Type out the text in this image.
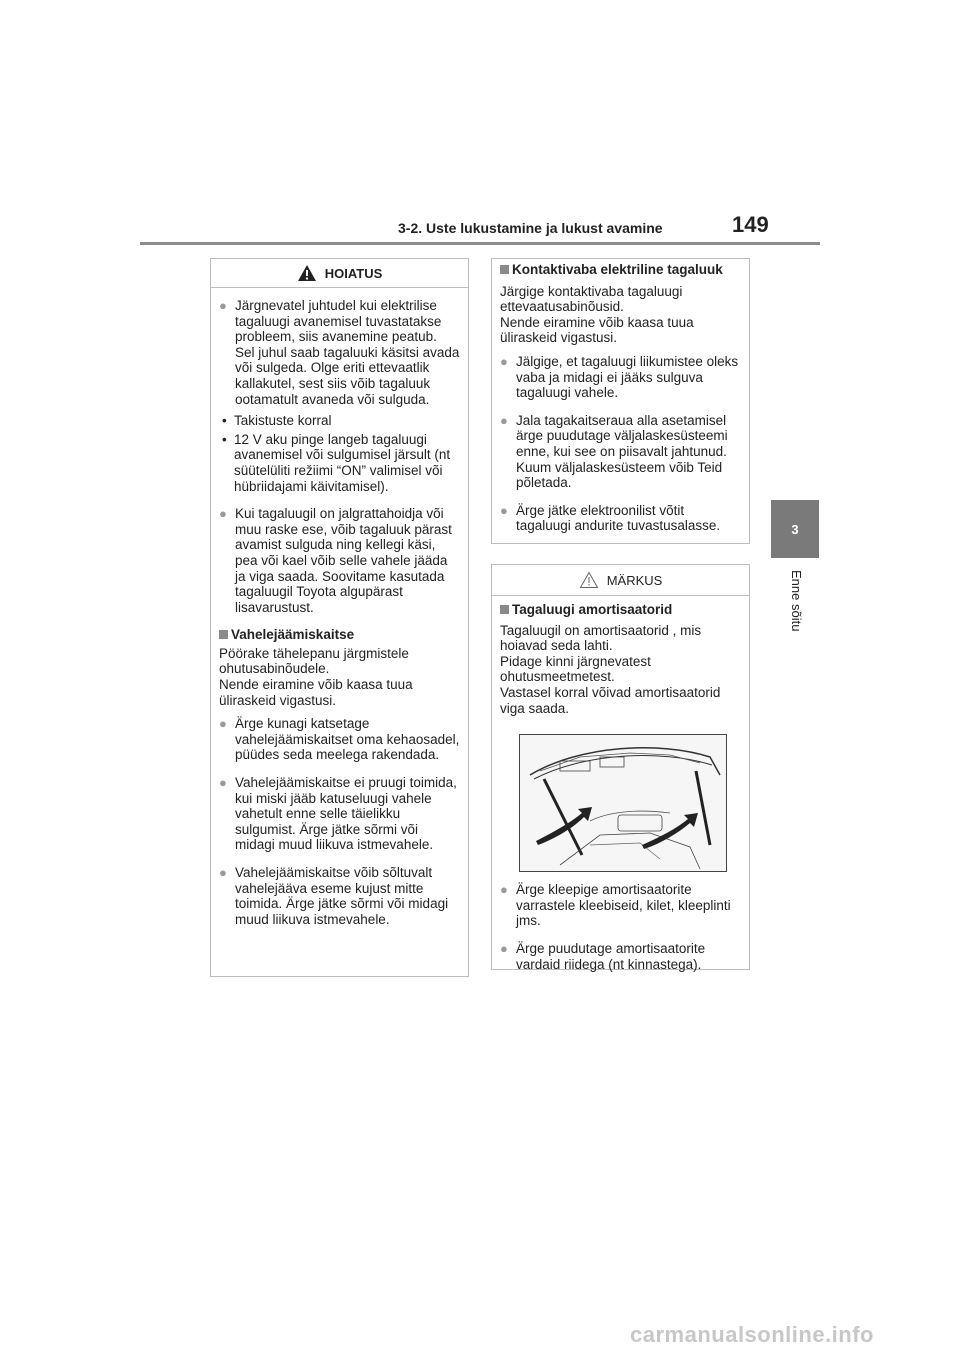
3-2. Uste lukustamine ja lukust avamine	149
3
Enne sõitu
HOIATUS
● Järgnevatel juhtudel kui elektrilise tagaluugi avanemisel tuvastatakse probleem, siis avanemine peatub. Sel juhul saab tagaluuki käsitsi avada või sulgeda. Olge eriti ettevaatlik kallakutel, sest siis võib tagaluuk ootamatult avaneda või sulguda.
• Takistuste korral
• 12 V aku pinge langeb tagaluugi avanemisel või sulgumisel järsult (nt süütelüliti režiimi “ON” valimisel või hübriidajami käivitamisel).
● Kui tagaluugil on jalgrattahoidja või muu raske ese, võib tagaluuk pärast avamist sulguda ning kellegi käsi, pea või kael võib selle vahele jääda ja viga saada. Soovitame kasutada tagaluugil Toyota algupärast lisavarustust.
Vahelejäämiskaitse
Pöörake tähelepanu järgmistele ohutusabinõudele.
Nende eiramine võib kaasa tuua üliraskeid vigastusi.
● Ärge kunagi katsetage vahelejäämiskaitset oma kehaosadel, püüdes seda meelega rakendada.
● Vahelejäämiskaitse ei pruugi toimida, kui miski jääb katuseluugi vahele vahetult enne selle täielikku sulgumist. Ärge jätke sõrmi või midagi muud liikuva istmevahele.
● Vahelejäämiskaitse võib sõltuvalt vahelejääva eseme kujust mitte toimida. Ärge jätke sõrmi või midagi muud liikuva istmevahele.
Kontaktivaba elektriline tagaluuk
Järgige kontaktivaba tagaluugi ettevaatusabinõusid.
Nende eiramine võib kaasa tuua üliraskeid vigastusi.
● Jälgige, et tagaluugi liikumistee oleks vaba ja midagi ei jääks sulguva tagaluugi vahele.
● Jala tagakaitseraua alla asetamisel ärge puudutage väljalaskesüsteemi enne, kui see on piisavalt jahtunud. Kuum väljalaskesüsteem võib Teid põletada.
● Ärge jätke elektroonilist võtit tagaluugi andurite tuvastusalasse.
MÄRKUS
Tagaluugi amortisaatorid
Tagaluugil on amortisaatorid , mis hoiavad seda lahti.
Pidage kinni järgnevatest ohutusmeetmetest.
Vastasel korral võivad amortisaatorid viga saada.
● Ärge kleepige amortisaatorite varrastele kleebiseid, kilet, kleeplinti jms.
● Ärge puudutage amortisaatorite vardaid riidega (nt kinnastega).
carmanualsonline.info
